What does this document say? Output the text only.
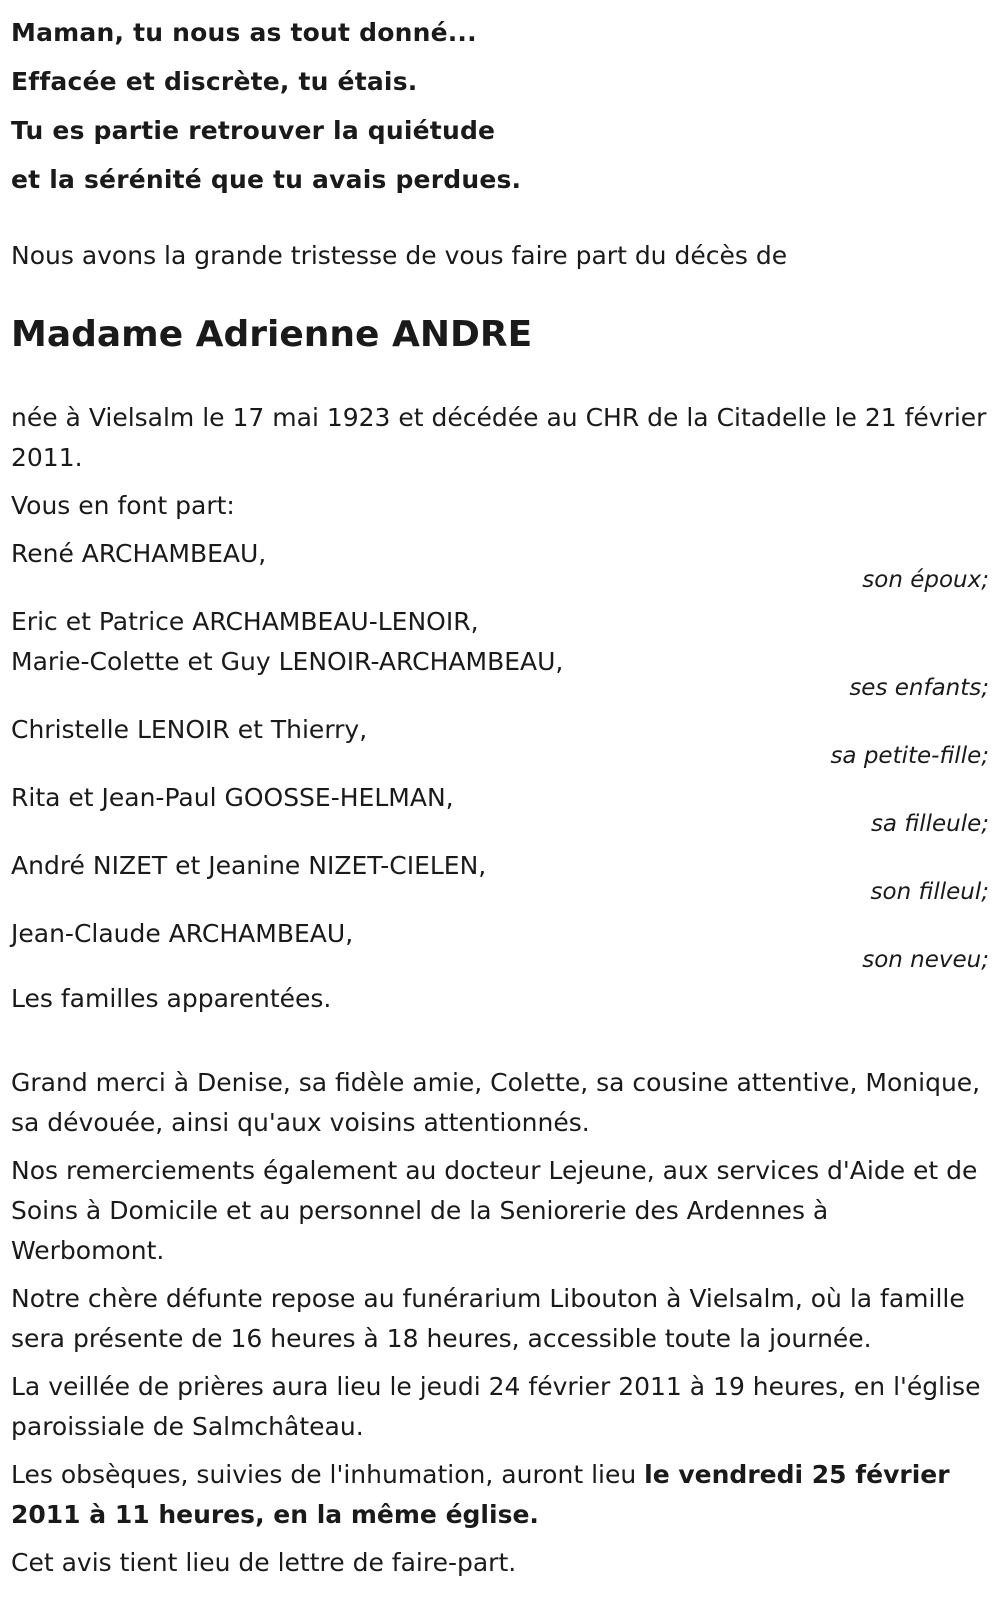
Maman, tu nous as tout donné...
Effacée et discrète, tu étais.
Tu es partie retrouver la quiétude
et la sérénité que tu avais perdues.

Nous avons la grande tristesse de vous faire part du décès de

Madame Adrienne ANDRE

née à Vielsalm le 17 mai 1923 et décédée au CHR de la Citadelle le 21 février 2011.

Vous en font part:

René ARCHAMBEAU,
son époux;
Eric et Patrice ARCHAMBEAU-LENOIR,
Marie-Colette et Guy LENOIR-ARCHAMBEAU,
ses enfants;
Christelle LENOIR et Thierry,
sa petite-fille;
Rita et Jean-Paul GOOSSE-HELMAN,
sa filleule;
André NIZET et Jeanine NIZET-CIELEN,
son filleul;
Jean-Claude ARCHAMBEAU,
son neveu;

Les familles apparentées.

Grand merci à Denise, sa fidèle amie, Colette, sa cousine attentive, Monique, sa dévouée, ainsi qu'aux voisins attentionnés.

Nos remerciements également au docteur Lejeune, aux services d'Aide et de Soins à Domicile et au personnel de la Seniorerie des Ardennes à Werbomont.

Notre chère défunte repose au funérarium Libouton à Vielsalm, où la famille sera présente de 16 heures à 18 heures, accessible toute la journée.

La veillée de prières aura lieu le jeudi 24 février 2011 à 19 heures, en l'église paroissiale de Salmchâteau.

Les obsèques, suivies de l'inhumation, auront lieu le vendredi 25 février 2011 à 11 heures, en la même église.

Cet avis tient lieu de lettre de faire-part.
